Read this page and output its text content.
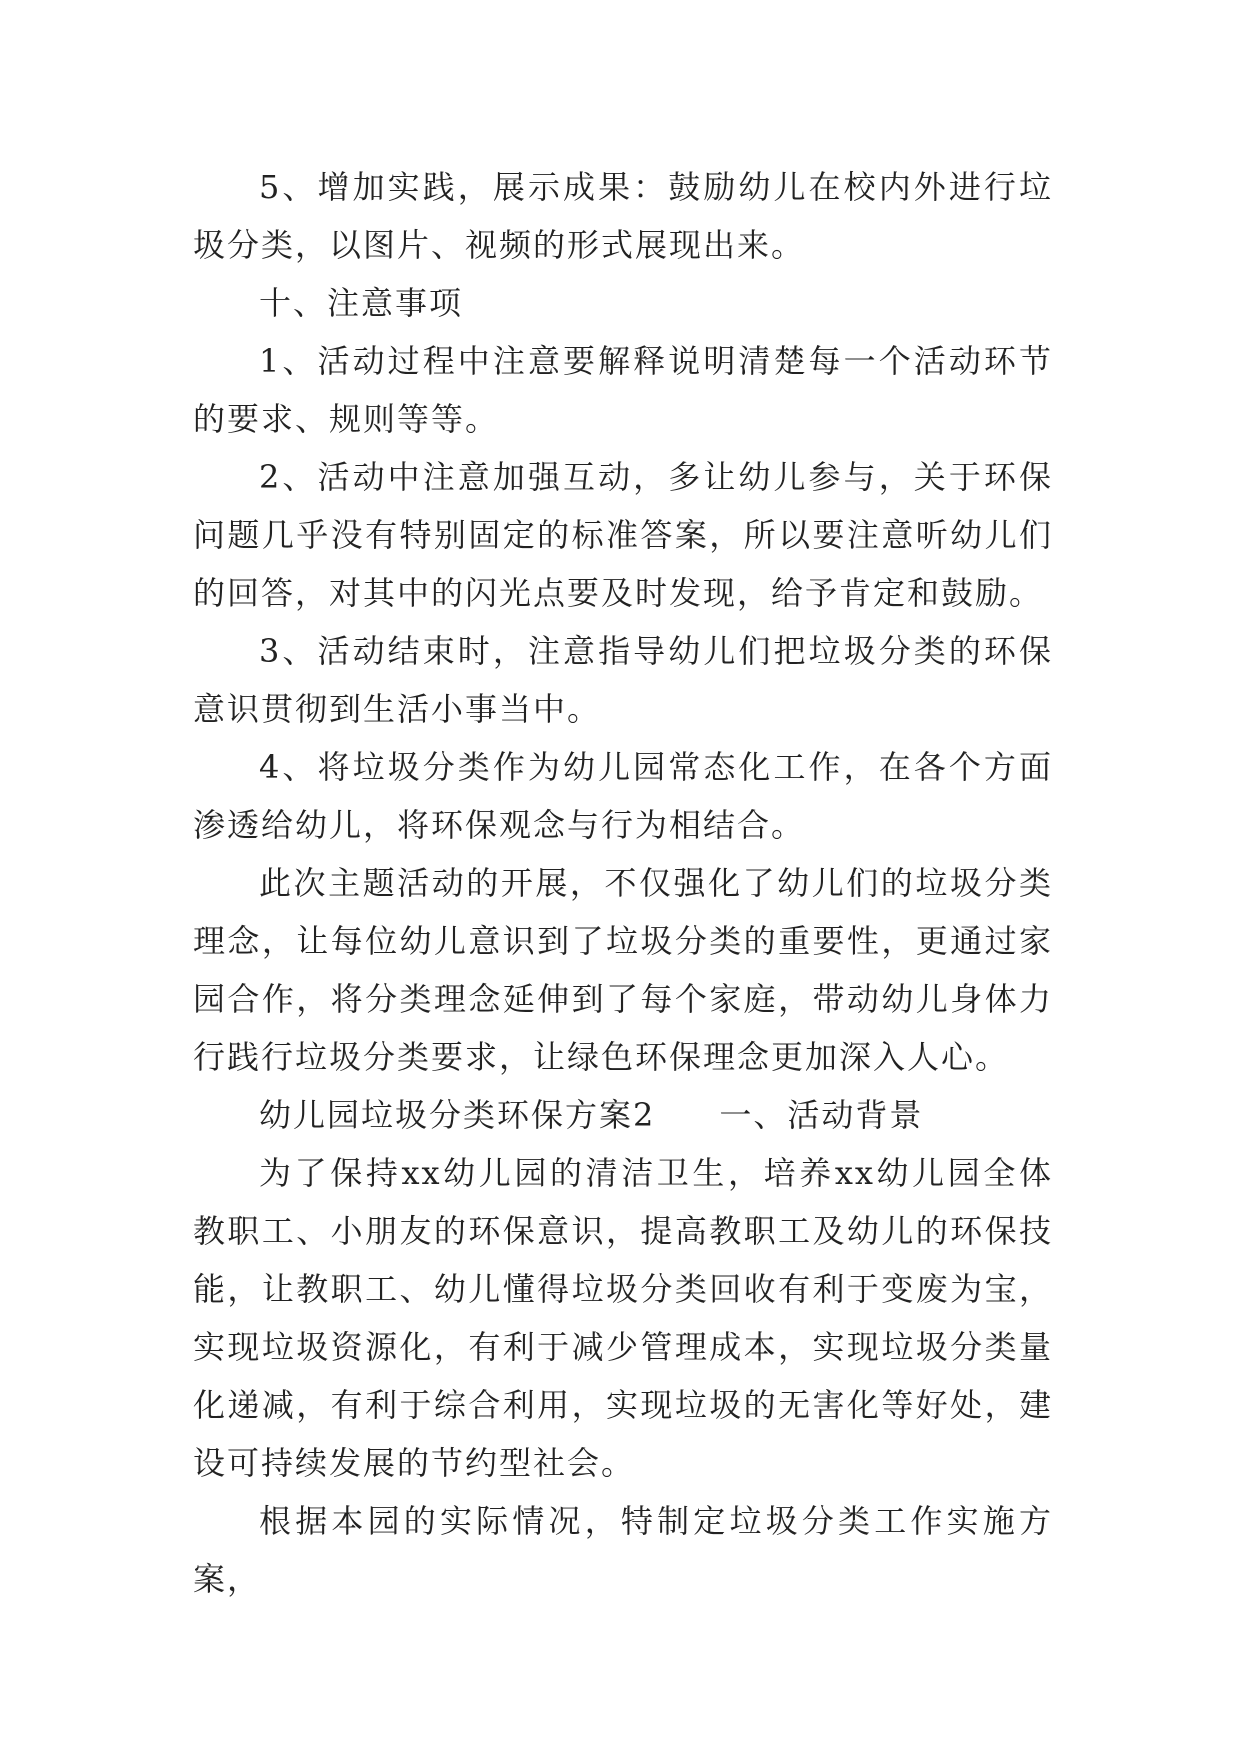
5、增加实践，展示成果：鼓励幼儿在校内外进行垃圾分类，以图片、视频的形式展现出来。

十、注意事项

1、活动过程中注意要解释说明清楚每一个活动环节的要求、规则等等。

2、活动中注意加强互动，多让幼儿参与，关于环保问题几乎没有特别固定的标准答案，所以要注意听幼儿们的回答，对其中的闪光点要及时发现，给予肯定和鼓励。

3、活动结束时，注意指导幼儿们把垃圾分类的环保意识贯彻到生活小事当中。

4、将垃圾分类作为幼儿园常态化工作，在各个方面渗透给幼儿，将环保观念与行为相结合。

此次主题活动的开展，不仅强化了幼儿们的垃圾分类理念，让每位幼儿意识到了垃圾分类的重要性，更通过家园合作，将分类理念延伸到了每个家庭，带动幼儿身体力行践行垃圾分类要求，让绿色环保理念更加深入人心。

幼儿园垃圾分类环保方案2 一、活动背景

为了保持xx幼儿园的清洁卫生，培养xx幼儿园全体教职工、小朋友的环保意识，提高教职工及幼儿的环保技能，让教职工、幼儿懂得垃圾分类回收有利于变废为宝，实现垃圾资源化，有利于减少管理成本，实现垃圾分类量化递减，有利于综合利用，实现垃圾的无害化等好处，建设可持续发展的节约型社会。

根据本园的实际情况，特制定垃圾分类工作实施方案，
